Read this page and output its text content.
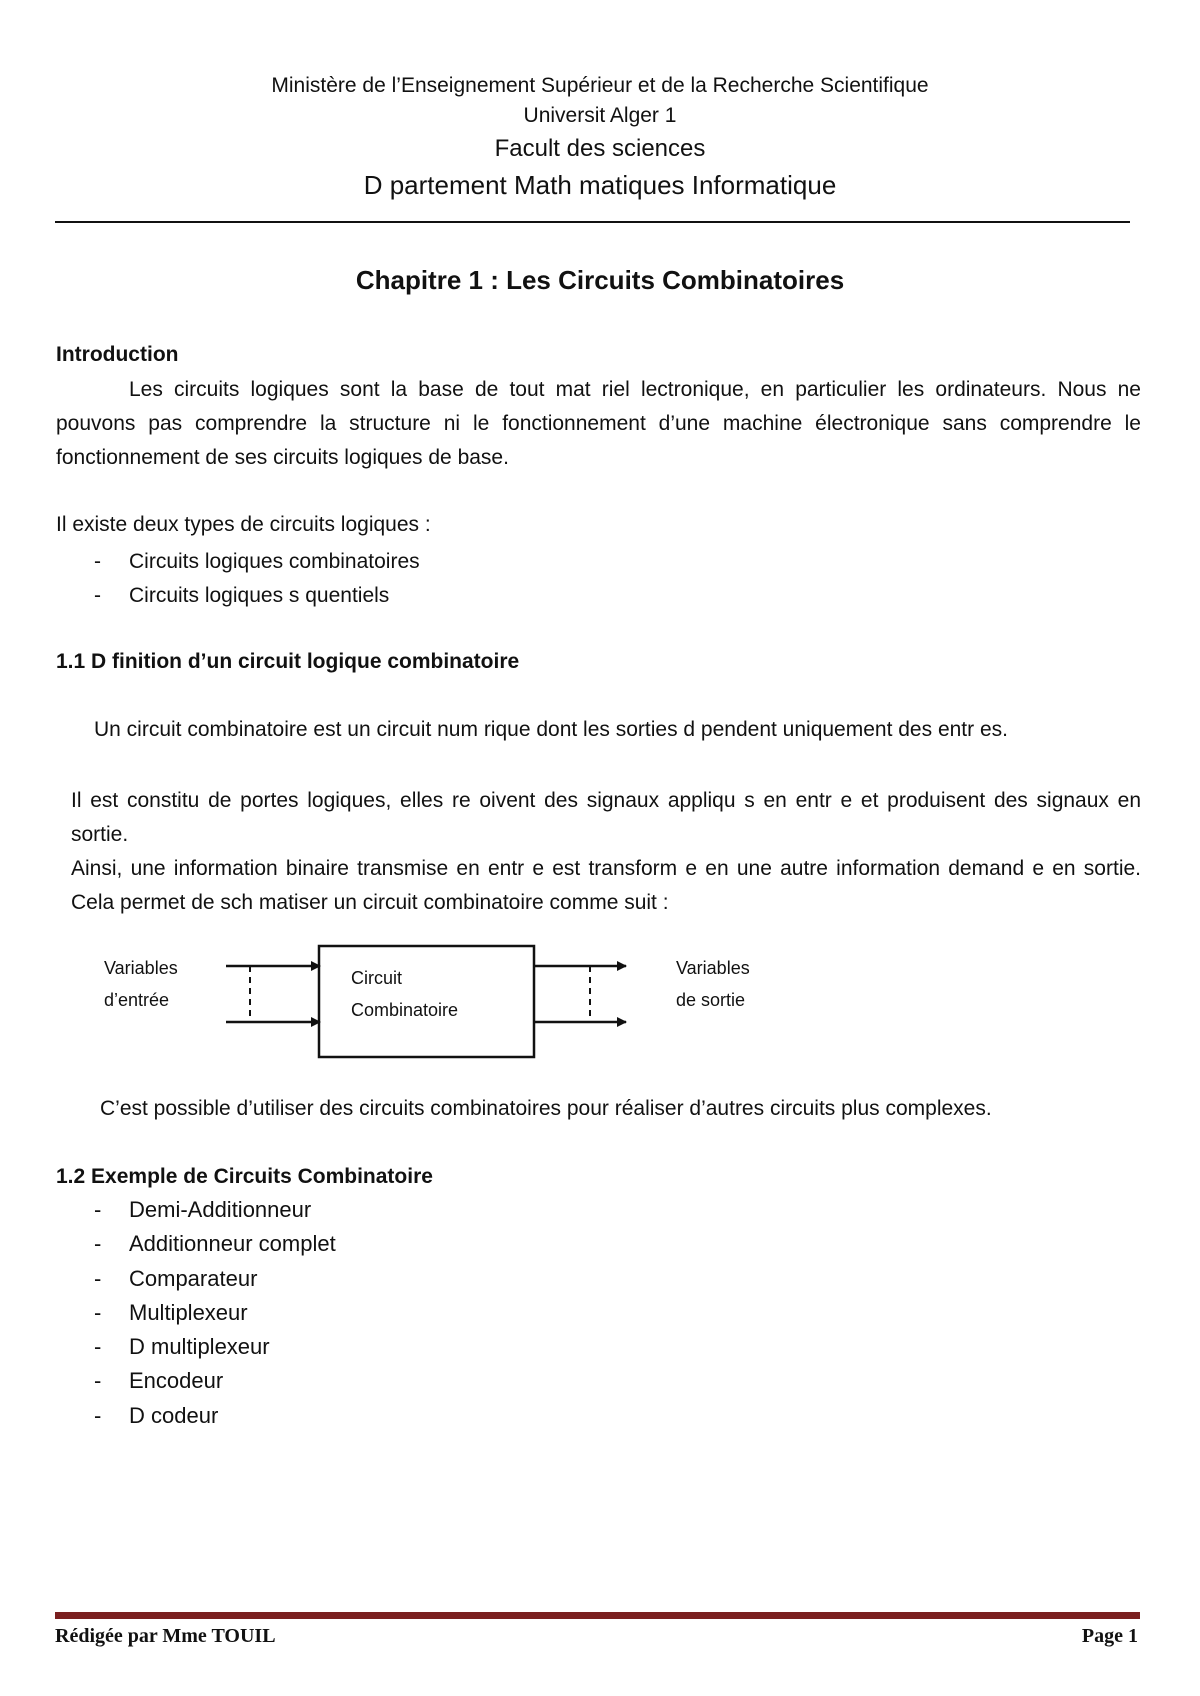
Ministère de l’Enseignement Supérieur et de la Recherche Scientifique
Universit Alger 1
Facult des sciences
D partement Math matiques Informatique
Chapitre 1 : Les Circuits Combinatoires
Introduction
Les circuits logiques sont la base de tout mat riel lectronique, en particulier les ordinateurs. Nous ne pouvons pas comprendre la structure ni le fonctionnement d’une machine électronique sans comprendre le fonctionnement de ses circuits logiques de base.
Il existe deux types de circuits logiques :
- Circuits logiques combinatoires
- Circuits logiques s quentiels
1.1 D finition d’un circuit logique combinatoire
Un circuit combinatoire est un circuit num rique dont les sorties d pendent uniquement des entr es.
Il est constitu de portes logiques, elles re oivent des signaux appliqu s en entr e et produisent des signaux en sortie.
Ainsi, une information binaire transmise en entr e est transform e en une autre information demand e en sortie. Cela permet de sch matiser un circuit combinatoire comme suit :
Variables
d’entrée
Circuit
Combinatoire
Variables
de sortie
C’est possible d’utiliser des circuits combinatoires pour réaliser d’autres circuits plus complexes.
1.2 Exemple de Circuits Combinatoire
- Demi-Additionneur
- Additionneur complet
- Comparateur
- Multiplexeur
- D multiplexeur
- Encodeur
- D codeur
Rédigée par Mme TOUIL	Page 1
